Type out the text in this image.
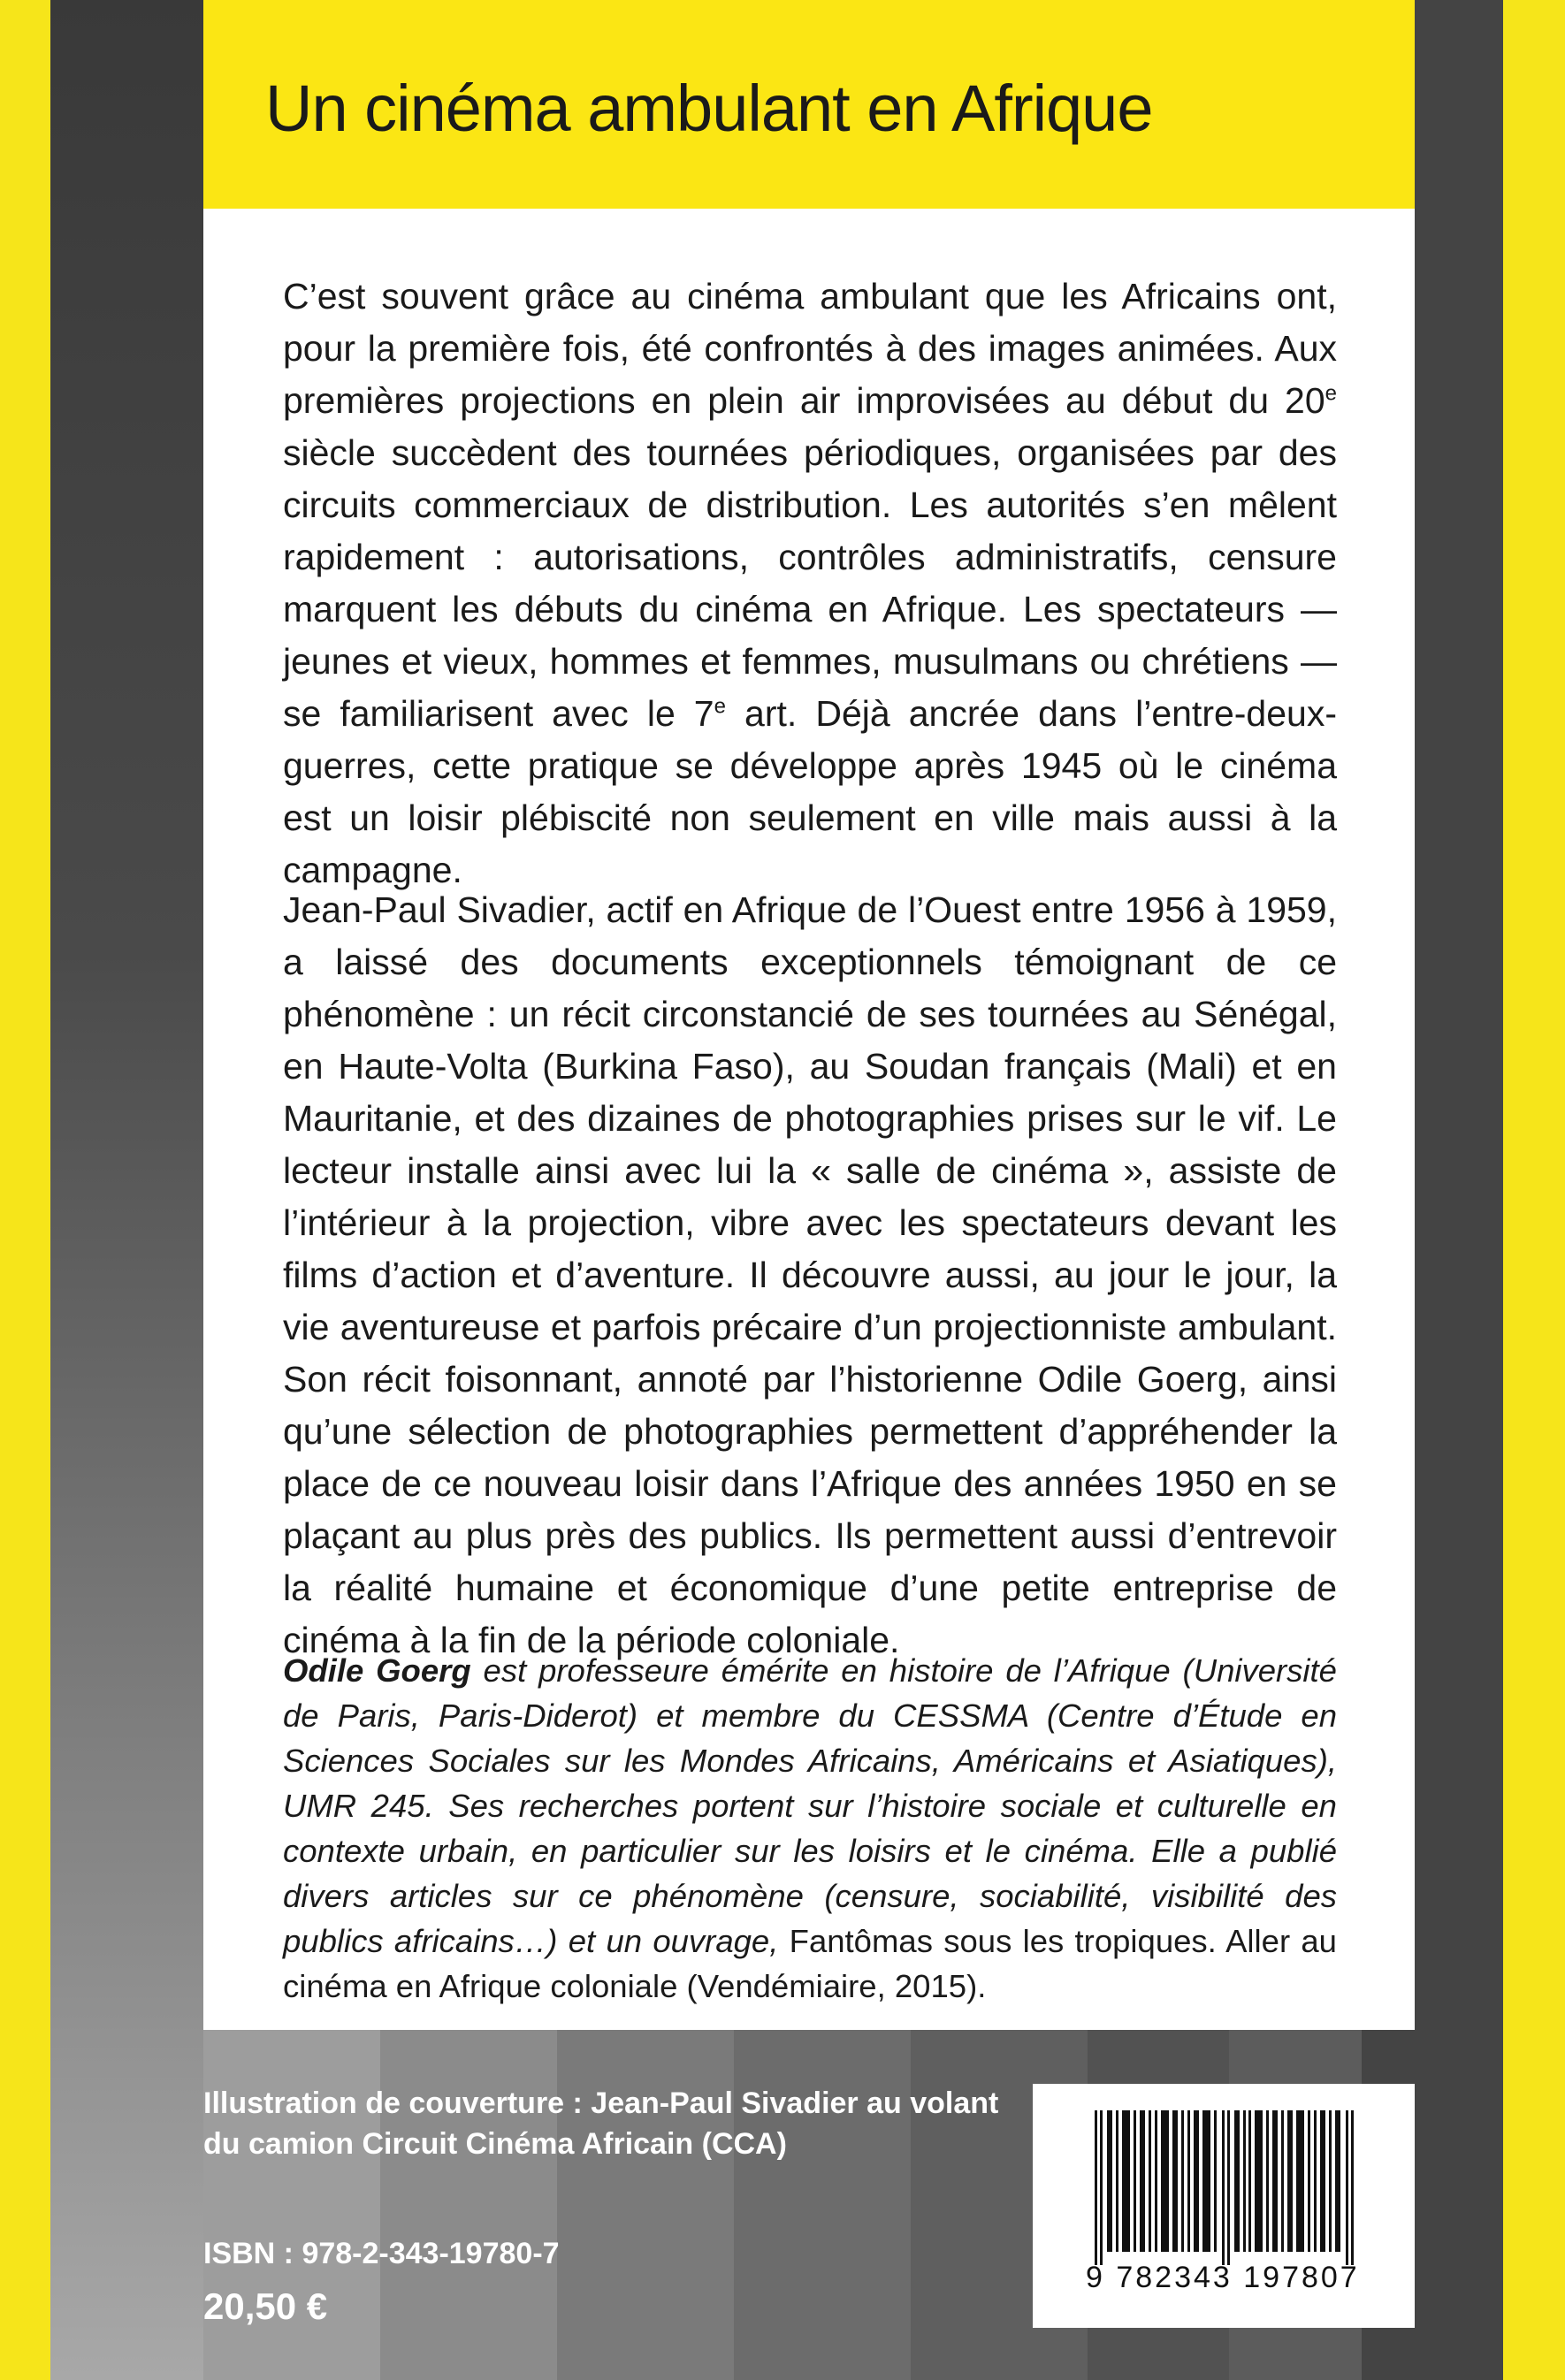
Un cinéma ambulant en Afrique

C’est souvent grâce au cinéma ambulant que les Africains ont, pour la première fois, été confrontés à des images animées. Aux premières projections en plein air improvisées au début du 20e siècle succèdent des tournées périodiques, organisées par des circuits commerciaux de distribution. Les autorités s’en mêlent rapidement : autorisations, contrôles administratifs, censure marquent les débuts du cinéma en Afrique. Les spectateurs — jeunes et vieux, hommes et femmes, musulmans ou chrétiens — se familiarisent avec le 7e art. Déjà ancrée dans l’entre-deux-guerres, cette pratique se développe après 1945 où le cinéma est un loisir plébiscité non seulement en ville mais aussi à la campagne.

Jean-Paul Sivadier, actif en Afrique de l’Ouest entre 1956 à 1959, a laissé des documents exceptionnels témoignant de ce phénomène : un récit circonstancié de ses tournées au Sénégal, en Haute-Volta (Burkina Faso), au Soudan français (Mali) et en Mauritanie, et des dizaines de photographies prises sur le vif. Le lecteur installe ainsi avec lui la « salle de cinéma », assiste de l’intérieur à la projection, vibre avec les spectateurs devant les films d’action et d’aventure. Il découvre aussi, au jour le jour, la vie aventureuse et parfois précaire d’un projectionniste ambulant. Son récit foisonnant, annoté par l’historienne Odile Goerg, ainsi qu’une sélection de photographies permettent d’appréhender la place de ce nouveau loisir dans l’Afrique des années 1950 en se plaçant au plus près des publics. Ils permettent aussi d’entrevoir la réalité humaine et économique d’une petite entreprise de cinéma à la fin de la période coloniale.

Odile Goerg est professeure émérite en histoire de l’Afrique (Université de Paris, Paris-Diderot) et membre du CESSMA (Centre d’Étude en Sciences Sociales sur les Mondes Africains, Américains et Asiatiques), UMR 245. Ses recherches portent sur l’histoire sociale et culturelle en contexte urbain, en particulier sur les loisirs et le cinéma. Elle a publié divers articles sur ce phénomène (censure, sociabilité, visibilité des publics africains…) et un ouvrage, Fantômas sous les tropiques. Aller au cinéma en Afrique coloniale (Vendémiaire, 2015).

Illustration de couverture : Jean-Paul Sivadier au volant du camion Circuit Cinéma Africain (CCA)

ISBN : 978-2-343-19780-7

20,50 €

9 782343 197807
